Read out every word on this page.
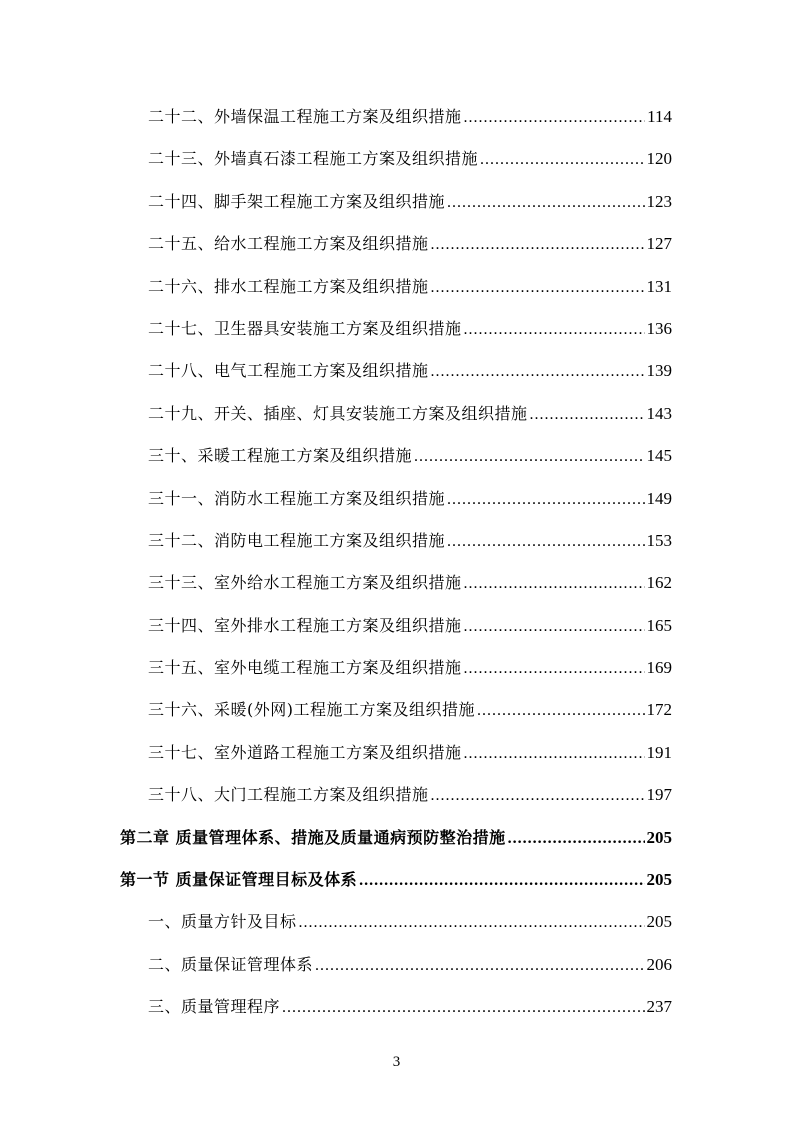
二十二、外墙保温工程施工方案及组织措施 .....	114
二十三、外墙真石漆工程施工方案及组织措施 .....	120
二十四、脚手架工程施工方案及组织措施 .....	123
二十五、给水工程施工方案及组织措施 .....	127
二十六、排水工程施工方案及组织措施 .....	131
二十七、卫生器具安装施工方案及组织措施 .....	136
二十八、电气工程施工方案及组织措施 .....	139
二十九、开关、插座、灯具安装施工方案及组织措施 .....	143
三十、采暖工程施工方案及组织措施 .....	145
三十一、消防水工程施工方案及组织措施 .....	149
三十二、消防电工程施工方案及组织措施 .....	153
三十三、室外给水工程施工方案及组织措施 .....	162
三十四、室外排水工程施工方案及组织措施 .....	165
三十五、室外电缆工程施工方案及组织措施 .....	169
三十六、采暖(外网)工程施工方案及组织措施 .....	172
三十七、室外道路工程施工方案及组织措施 .....	191
三十八、大门工程施工方案及组织措施 .....	197
第二章 质量管理体系、措施及质量通病预防整治措施 .....	205
第一节 质量保证管理目标及体系 .....	205
一、质量方针及目标 .....	205
二、质量保证管理体系 .....	206
三、质量管理程序 .....	237
3
